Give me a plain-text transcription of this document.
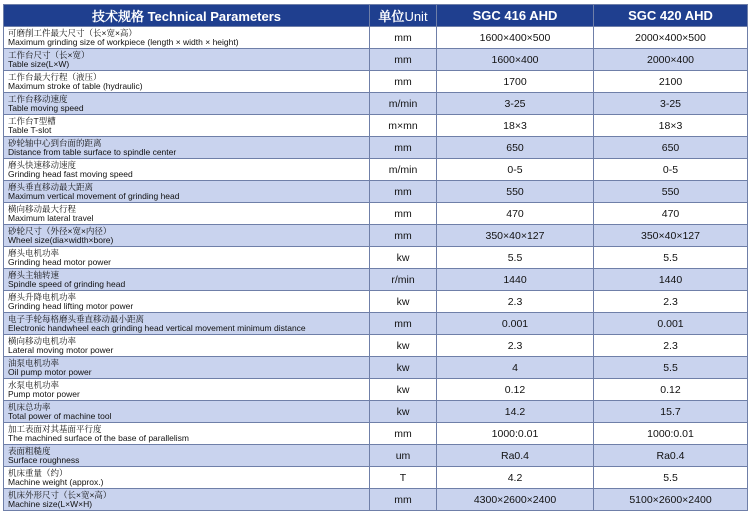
技术规格 Technical Parameters	单位Unit	SGC 416 AHD	SGC 420 AHD

可磨削工件最大尺寸（长×宽×高）
Maximum grinding size of workpiece (length × width × height)	mm	1600×400×500	2000×400×500

工作台尺寸（长×宽）
Table size(L×W)	mm	1600×400	2000×400

工作台最大行程（液压）
Maximum stroke of table (hydraulic)	mm	1700	2100

工作台移动速度
Table moving speed	m/min	3-25	3-25

工作台T型槽
Table T-slot	m×mn	18×3	18×3

砂轮轴中心到台面的距离
Distance from table surface to spindle center	mm	650	650

磨头快速移动速度
Grinding head fast moving speed	m/min	0-5	0-5

磨头垂直移动最大距离
Maximum vertical movement of grinding head	mm	550	550

横向移动最大行程
Maximum lateral travel	mm	470	470

砂轮尺寸（外径×宽×内径）
Wheel size(dia×width×bore)	mm	350×40×127	350×40×127

磨头电机功率
Grinding head motor power	kw	5.5	5.5

磨头主轴转速
Spindle speed of grinding head	r/min	1440	1440

磨头升降电机功率
Grinding head lifting motor power	kw	2.3	2.3

电子手轮每格磨头垂直移动最小距离
Electronic handwheel each grinding head vertical movement minimum distance	mm	0.001	0.001

横向移动电机功率
Lateral moving motor power	kw	2.3	2.3

油泵电机功率
Oil pump motor power	kw	4	5.5

水泵电机功率
Pump motor power	kw	0.12	0.12

机床总功率
Total power of machine tool	kw	14.2	15.7

加工表面对其基面平行度
The machined surface of the base of parallelism	mm	1000:0.01	1000:0.01

表面粗糙度
Surface roughness	um	Ra0.4	Ra0.4

机床重量（约）
Machine weight (approx.)	T	4.2	5.5

机床外形尺寸（长×宽×高）
Machine size(L×W×H)	mm	4300×2600×2400	5100×2600×2400
